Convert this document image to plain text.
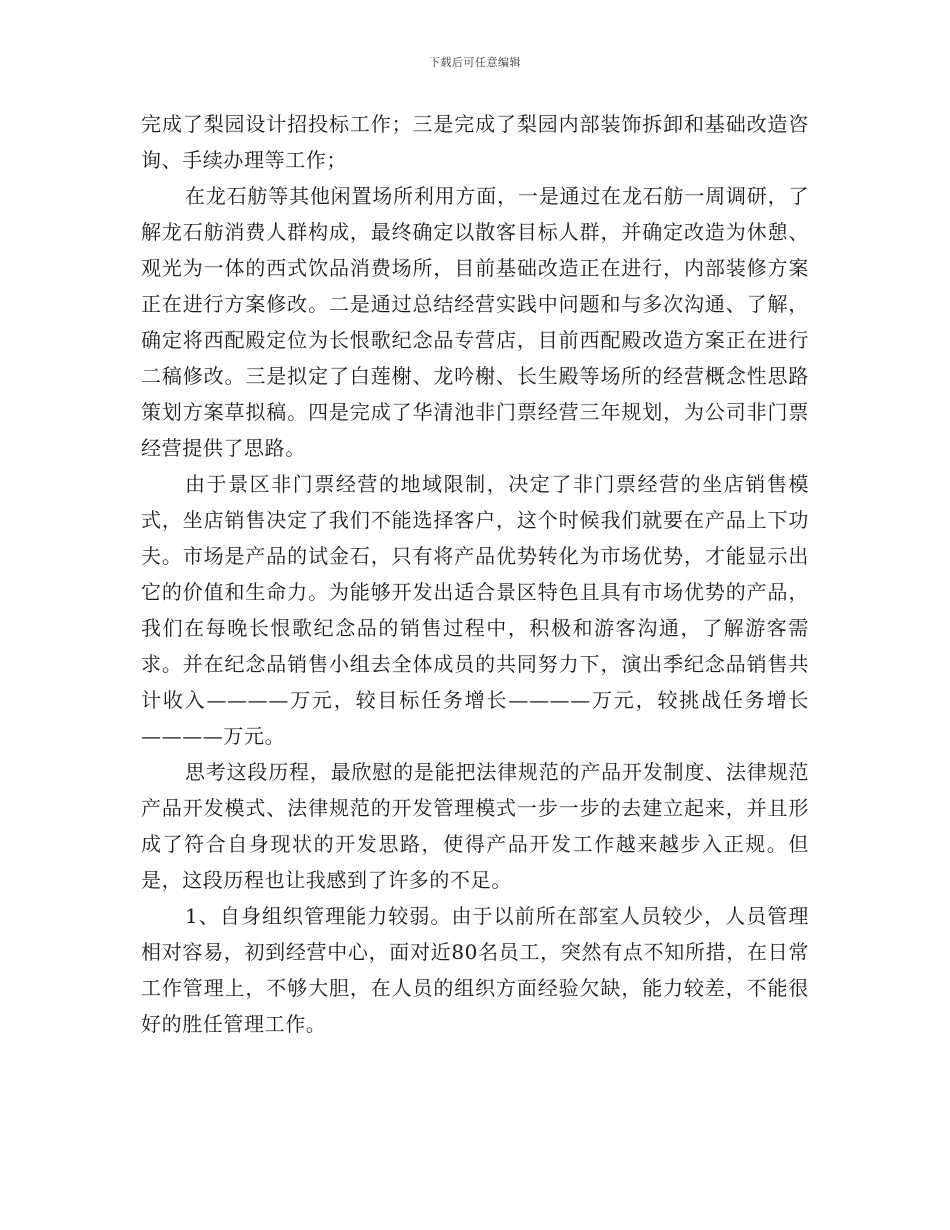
下载后可任意编辑

完成了梨园设计招投标工作；三是完成了梨园内部装饰拆卸和基础改造咨询、手续办理等工作；

在龙石舫等其他闲置场所利用方面，一是通过在龙石舫一周调研，了解龙石舫消费人群构成，最终确定以散客目标人群，并确定改造为休憩、观光为一体的西式饮品消费场所，目前基础改造正在进行，内部装修方案正在进行方案修改。二是通过总结经营实践中问题和与多次沟通、了解，确定将西配殿定位为长恨歌纪念品专营店，目前西配殿改造方案正在进行二稿修改。三是拟定了白莲榭、龙吟榭、长生殿等场所的经营概念性思路策划方案草拟稿。四是完成了华清池非门票经营三年规划，为公司非门票经营提供了思路。

由于景区非门票经营的地域限制，决定了非门票经营的坐店销售模式，坐店销售决定了我们不能选择客户，这个时候我们就要在产品上下功夫。市场是产品的试金石，只有将产品优势转化为市场优势，才能显示出它的价值和生命力。为能够开发出适合景区特色且具有市场优势的产品，我们在每晚长恨歌纪念品的销售过程中，积极和游客沟通，了解游客需求。并在纪念品销售小组去全体成员的共同努力下，演出季纪念品销售共计收入————万元，较目标任务增长————万元，较挑战任务增长————万元。

思考这段历程，最欣慰的是能把法律规范的产品开发制度、法律规范产品开发模式、法律规范的开发管理模式一步一步的去建立起来，并且形成了符合自身现状的开发思路，使得产品开发工作越来越步入正规。但是，这段历程也让我感到了许多的不足。

1、自身组织管理能力较弱。由于以前所在部室人员较少，人员管理相对容易，初到经营中心，面对近80名员工，突然有点不知所措，在日常工作管理上，不够大胆，在人员的组织方面经验欠缺，能力较差，不能很好的胜任管理工作。
